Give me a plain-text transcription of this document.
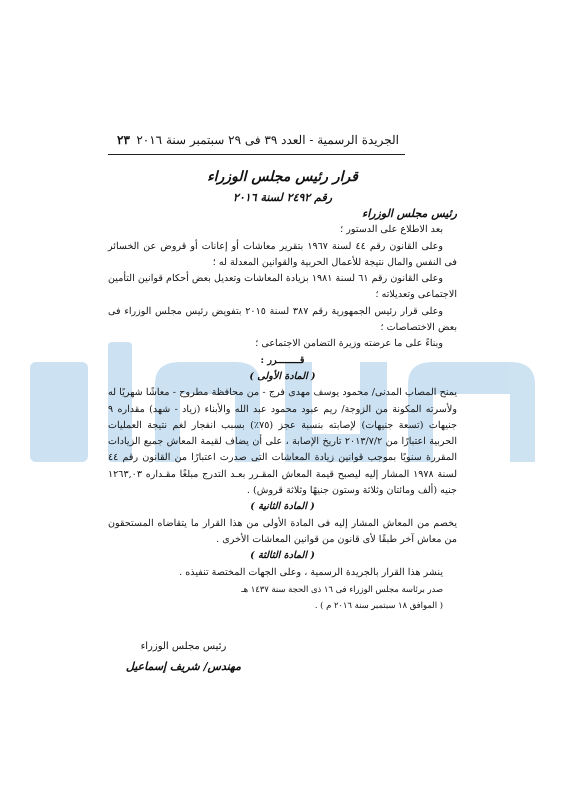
الجريدة الرسمية - العدد ٣٩ فى ٢٩ سبتمبر سنة ٢٠١٦
٢٣
قرار رئيس مجلس الوزراء
رقم ٢٤٩٢ لسنة ٢٠١٦

رئيس مجلس الوزراء

بعد الاطلاع على الدستور ؛

وعلى القانون رقم ٤٤ لسنة ١٩٦٧ بتقرير معاشات أو إعانات أو قروض عن الخسائر فى النفس والمال نتيجة للأعمال الحربية والقوانين المعدلة له ؛

وعلى القانون رقم ٦١ لسنة ١٩٨١ بزيادة المعاشات وتعديل بعض أحكام قوانين التأمين الاجتماعى وتعديلاته ؛

وعلى قرار رئيس الجمهورية رقم ٣٨٧ لسنة ٢٠١٥ بتفويض رئيس مجلس الوزراء فى بعض الاختصاصات ؛

وبناءً على ما عرضته وزيرة التضامن الاجتماعى ؛

قــــــــرر :

( المادة الأولى )

يمنح المصاب المدنى/ محمود يوسف مهدى فرج - من محافظة مطروح - معاشًا شهريًا له ولأسرته المكونة من الزوجة/ ريم عبود محمود عبد الله والأبناء (زياد - شهد) مقداره ٩ جنيهات (تسعة جنيهات) لإصابته بنسبة عجز (٧٥٪) بسبب انفجار لغم نتيجة العمليات الحربية اعتبارًا من ٢٠١٣/٧/٢ تاريخ الإصابة ، على أن يضاف لقيمة المعاش جميع الزيادات المقررة سنويًا بموجب قوانين زيادة المعاشات التى صدرت اعتبارًا من القانون رقم ٤٤ لسنة ١٩٧٨ المشار إليه ليصبح قيمة المعاش المقـرر بعـد التدرج مبلغًا مقـداره ١٢٦٣,٠٣ جنيه (ألف ومائتان وثلاثة وستون جنيهًا وثلاثة قروش) .

( المادة الثانية )

يخصم من المعاش المشار إليه فى المادة الأولى من هذا القرار ما يتقاضاه المستحقون من معاش آخر طبقًا لأى قانون من قوانين المعاشات الأخرى .

( المادة الثالثة )

ينشر هذا القرار بالجريدة الرسمية ، وعلى الجهات المختصة تنفيذه .

صدر برئاسة مجلس الوزراء فى ١٦ ذى الحجة سنة ١٤٣٧ هـ

( الموافق ١٨ سبتمبر سنة ٢٠١٦ م ) .

رئيس مجلس الوزراء
مهندس/ شريف إسماعيل
